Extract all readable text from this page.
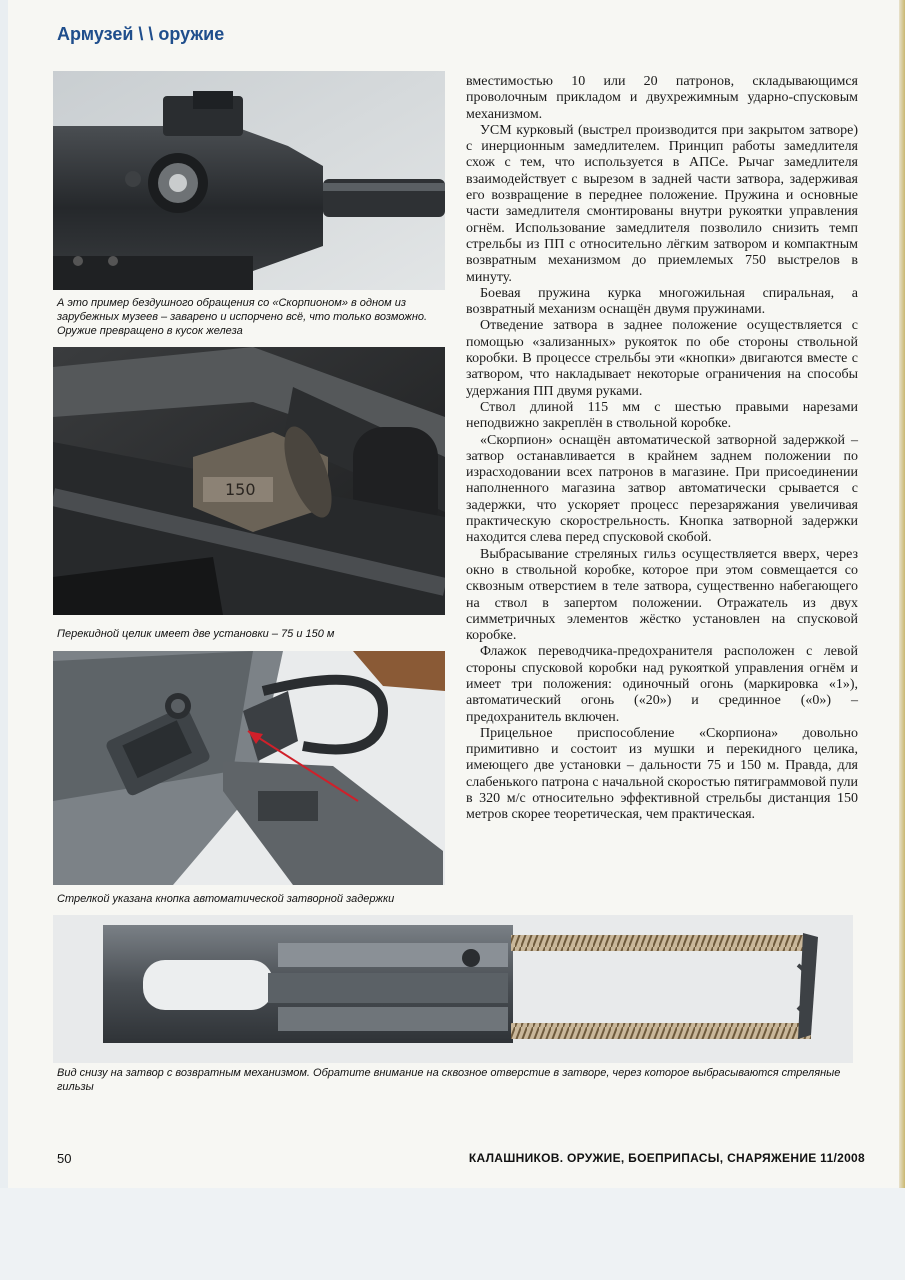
Армузей \ \ оружие

А это пример бездушного обращения со «Скорпионом» в одном из зарубежных музеев – заварено и испорчено всё, что только возможно. Оружие превращено в кусок железа

150

Перекидной целик имеет две установки – 75 и 150 м

Стрелкой указана кнопка автоматической затворной задержки

вместимостью 10 или 20 патронов, складывающимся проволочным прикладом и двухрежимным ударно-спусковым механизмом.

УСМ курковый (выстрел производится при закрытом затворе) с инерционным замедлителем. Принцип работы замедлителя схож с тем, что используется в АПСе. Рычаг замедлителя взаимодействует с вырезом в задней части затвора, задерживая его возвращение в переднее положение. Пружина и основные части замедлителя смонтированы внутри рукоятки управления огнём. Использование замедлителя позволило снизить темп стрельбы из ПП с относительно лёгким затвором и компактным возвратным механизмом до приемлемых 750 выстрелов в минуту.

Боевая пружина курка многожильная спиральная, а возвратный механизм оснащён двумя пружинами.

Отведение затвора в заднее положение осуществляется с помощью «зализанных» рукояток по обе стороны ствольной коробки. В процессе стрельбы эти «кнопки» двигаются вместе с затвором, что накладывает некоторые ограничения на способы удержания ПП двумя руками.

Ствол длиной 115 мм с шестью правыми нарезами неподвижно закреплён в ствольной коробке.

«Скорпион» оснащён автоматической затворной задержкой – затвор останавливается в крайнем заднем положении по израсходовании всех патронов в магазине. При присоединении наполненного магазина затвор автоматически срывается с задержки, что ускоряет процесс перезаряжания увеличивая практическую скорострельность. Кнопка затворной задержки находится слева перед спусковой скобой.

Выбрасывание стреляных гильз осуществляется вверх, через окно в ствольной коробке, которое при этом совмещается со сквозным отверстием в теле затвора, существенно набегающего на ствол в запертом положении. Отражатель из двух симметричных элементов жёстко установлен на спусковой коробке.

Флажок переводчика-предохранителя расположен с левой стороны спусковой коробки над рукояткой управления огнём и имеет три положения: одиночный огонь (маркировка «1»), автоматический огонь («20») и срединное («0») – предохранитель включен.

Прицельное приспособление «Скорпиона» довольно примитивно и состоит из мушки и перекидного целика, имеющего две установки – дальности 75 и 150 м. Правда, для слабенького патрона с начальной скоростью пятиграммовой пули в 320 м/с относительно эффективной стрельбы дистанция 150 метров скорее теоретическая, чем практическая.

Вид снизу на затвор с возвратным механизмом. Обратите внимание на сквозное отверстие в затворе, через которое выбрасываются стреляные гильзы

50	КАЛАШНИКОВ. ОРУЖИЕ, БОЕПРИПАСЫ, СНАРЯЖЕНИЕ 11/2008
